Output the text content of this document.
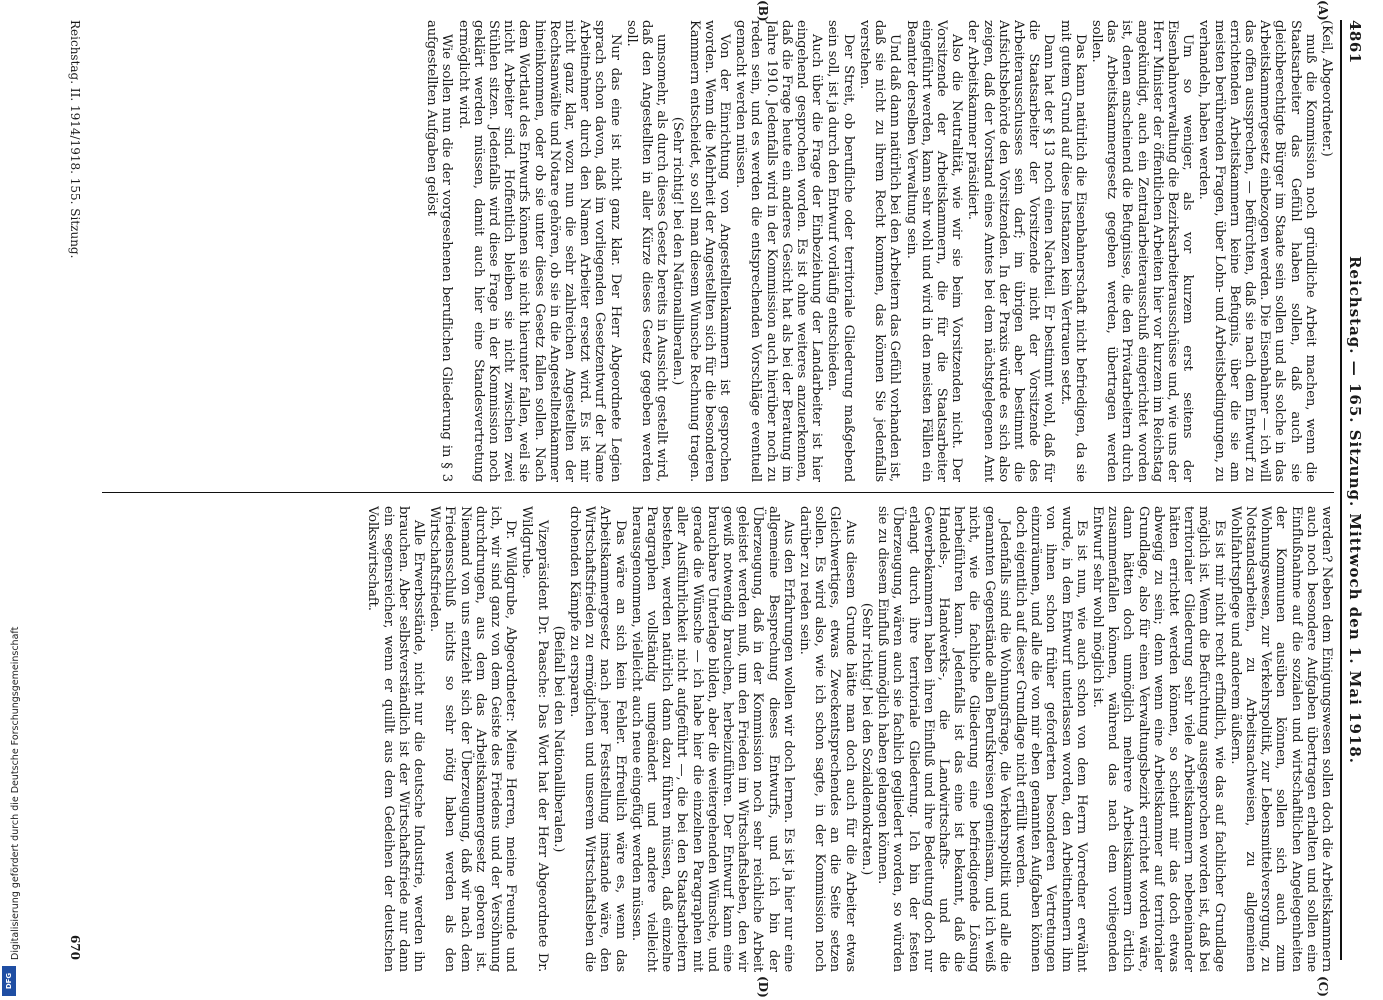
Digitalisierung gefördert durch die Deutsche Forschungsgemeinschaft
DFG
4861
Reichstag. — 165. Sitzung. Mittwoch den 1. Mai 1918.

(Keil, Abgeordneter.)

muß die Kommission noch gründliche Arbeit machen, wenn die Staatsarbeiter das Gefühl haben sollen, daß auch sie gleichberechtigte Bürger im Staate sein sollen und als solche in das Arbeitskammergesetz einbezogen werden. Die Eisenbahner — ich will das offen aussprechen, — befürchten, daß sie nach dem Entwurf zu errichtenden Arbeitskammern keine Befugnis, über die sie am meisten berührenden Fragen, über Lohn- und Arbeitsbedingungen, zu verhandeln, haben werden.

Um so weniger, als vor kurzem erst seitens der Eisenbahnverwaltung die Bezirksarbeiterausschüsse und, wie uns der Herr Minister der öffentlichen Arbeiten hier vor kurzem im Reichstag angekündigt, auch ein Zentralarbeiterausschuß eingerichtet worden ist, denen anscheinend die Befugnisse, die den Privatarbeitern durch das Arbeitskammergesetz gegeben werden, übertragen werden sollen.

Das kann natürlich die Eisenbahnerschaft nicht befriedigen, da sie mit gutem Grund auf diese Instanzen kein Vertrauen setzt.

Dann hat der § 13 noch einen Nachteil. Er bestimmt wohl, daß für die Staatsarbeiter der Vorsitzende nicht der Vorsitzende des Arbeiterausschusses sein darf; im übrigen aber bestimmt die Aufsichtsbehörde den Vorsitzenden. In der Praxis würde es sich also zeigen, daß der Vorstand eines Amtes bei dem nächstgelegenen Amt der Arbeitskammer präsidiert.

Also die Neutralität, wie wir sie beim Vorsitzenden nicht. Der Vorsitzende der Arbeitskammern, die für die Staatsarbeiter eingeführt werden, kann sehr wohl und wird in den meisten Fällen ein Beamter derselben Verwaltung sein.

Und daß dann natürlich bei den Arbeitern das Gefühl vorhanden ist, daß sie nicht zu ihrem Recht kommen, das können Sie jedenfalls verstehen.

Der Streit, ob berufliche oder territoriale Gliederung maßgebend sein soll, ist ja durch den Entwurf vorläufig entschieden.

Auch über die Frage der Einbeziehung der Landarbeiter ist hier eingehend gesprochen worden. Es ist ohne weiteres anzuerkennen, daß die Frage heute ein anderes Gesicht hat als bei der Beratung im Jahre 1910. Jedenfalls wird in der Kommission auch hierüber noch zu reden sein, und es werden die entsprechenden Vorschläge eventuell gemacht werden müssen.

Von der Einrichtung von Angestelltenkammern ist gesprochen worden. Wenn die Mehrheit der Angestellten sich für die besonderen Kammern entscheidet, so soll man diesem Wunsche Rechnung tragen.

(Sehr richtig! bei den Nationalliberalen.)

umsomehr, als durch dieses Gesetz bereits in Aussicht gestellt wird, daß den Angestellten in aller Kürze dieses Gesetz gegeben werden soll.

Nur das eine ist nicht ganz klar. Der Herr Abgeordnete Legien sprach schon davon, daß im vorliegenden Gesetzentwurf der Name Arbeitnehmer durch den Namen Arbeiter ersetzt wird. Es ist mir nicht ganz klar, wozu nun die sehr zahlreichen Angestellten der Rechtsanwälte und Notare gehören, ob sie in die Angestelltenkammer hineinkommen, oder ob sie unter dieses Gesetz fallen sollen. Nach dem Wortlaut des Entwurfs können sie nicht hierunter fallen, weil sie nicht Arbeiter sind. Hoffentlich bleiben sie nicht zwischen zwei Stühlen sitzen. Jedenfalls wird diese Frage in der Kommission noch geklärt werden müssen, damit auch hier eine Standesvertretung ermöglicht wird.

Wie sollen nun die der vorgesehenen beruflichen Gliederung in § 3 aufgestellten Aufgaben gelöst

werden? Neben dem Einigungswesen sollen doch die Arbeitskammern auch noch besondere Aufgaben übertragen erhalten und sollen eine Einflußnahme auf die sozialen und wirtschaftlichen Angelegenheiten der Kommunen ausüben können, sollen sich auch zum Wohnungswesen, zur Verkehrspolitik, zur Lebensmittelversorgung, zu Notstandsarbeiten, zu Arbeitsnachweisen, zu allgemeinen Wohlfahrtspflege und anderem äußern.

Es ist mir nicht recht erfindlich, wie das auf fachlicher Grundlage möglich ist. Wenn die Befürchtung ausgesprochen worden ist, daß bei territorialer Gliederung sehr viele Arbeitskammern nebeneinander hätten errichtet werden können, so scheint mir das doch etwas abwegig zu sein; denn wenn eine Arbeitskammer auf territorialer Grundlage, also für einen Verwaltungsbezirk errichtet worden wäre, dann hätten doch unmöglich mehrere Arbeitskammern örtlich zusammenfallen können, während das nach dem vorliegenden Entwurf sehr wohl möglich ist.

Es ist nun, wie auch schon von dem Herrn Vorredner erwähnt wurde, in dem Entwurf unterlassen worden, den Arbeitnehmern ihm von ihnen schon früher geforderten besonderen Vertretungen einzuräumen, und alle die von mir eben genannten Aufgaben können doch eigentlich auf dieser Grundlage nicht erfüllt werden.

Jedenfalls sind die Wohnungsfrage, die Verkehrspolitik und alle die genannten Gegenstände allen Berufskreisen gemeinsam, und ich weiß nicht, wie die fachliche Gliederung eine befriedigende Lösung herbeiführen kann. Jedenfalls ist das eine ist bekannt, daß die Handels-, Handwerks-, die Landwirtschafts- und die Gewerbekammern haben ihren Einfluß und ihre Bedeutung doch nur erlangt durch ihre territoriale Gliederung. Ich bin der festen Überzeugung, wären auch sie fachlich gegliedert worden, so würden sie zu diesem Einfluß unmöglich haben gelangen können.

(Sehr richtig! bei den Sozialdemokraten.)

Aus diesem Grunde hätte man doch auch für die Arbeiter etwas Gleichwertiges, etwas Zweckentsprechendes an die Seite setzen sollen. Es wird also, wie ich schon sagte, in der Kommission noch darüber zu reden sein.

Aus den Erfahrungen wollen wir doch lernen. Es ist ja hier nur eine allgemeine Besprechung dieses Entwurfs, und ich bin der Überzeugung, daß in der Kommission noch sehr reichliche Arbeit geleistet werden muß, um den Frieden im Wirtschaftsleben, den wir gewiß notwendig brauchen, herbeizuführen. Der Entwurf kann eine brauchbare Unterlage bilden, aber die weitergehenden Wünsche, und gerade die Wünsche — ich habe hier die einzelnen Paragraphen mit aller Ausführlichkeit nicht aufgeführt —, die bei den Staatsarbeitern bestehen, werden natürlich dann dazu führen müssen, daß einzelne Paragraphen vollständig umgeändert und andere vielleicht herausgenommen, vielleicht auch neue eingefügt werden müssen.

Das wäre an sich kein Fehler. Erfreulich wäre es, wenn das Arbeitskammergesetz nach jener Feststellung imstande wäre, den Wirtschaftsfrieden zu ermöglichen und unserem Wirtschaftsleben die drohenden Kämpfe zu ersparen.

(Beifall bei den Nationalliberalen.)

Vizepräsident Dr. Paasche: Das Wort hat der Herr Abgeordnete Dr. Wildgrube.

Dr. Wildgrube, Abgeordneter: Meine Herren, meine Freunde und ich, wir sind ganz von dem Geiste des Friedens und der Versöhnung durchdrungen, aus dem das Arbeitskammergesetz geboren ist. Niemand von uns entzieht sich der Überzeugung, daß wir nach dem Friedensschluß nichts so sehr nötig haben werden als den Wirtschaftsfrieden.

Alle Erwerbsstände, nicht nur die deutsche Industrie, werden ihn brauchen. Aber selbstverständlich ist der Wirtschaftsfriede nur dann ein segensreicher, wenn er quillt aus dem Gedeihen der deutschen Volkswirtschaft.

(A)
(B)
(C)
(D)
Reichstag. II. 1914/1918. 155. Sitzung.
670
